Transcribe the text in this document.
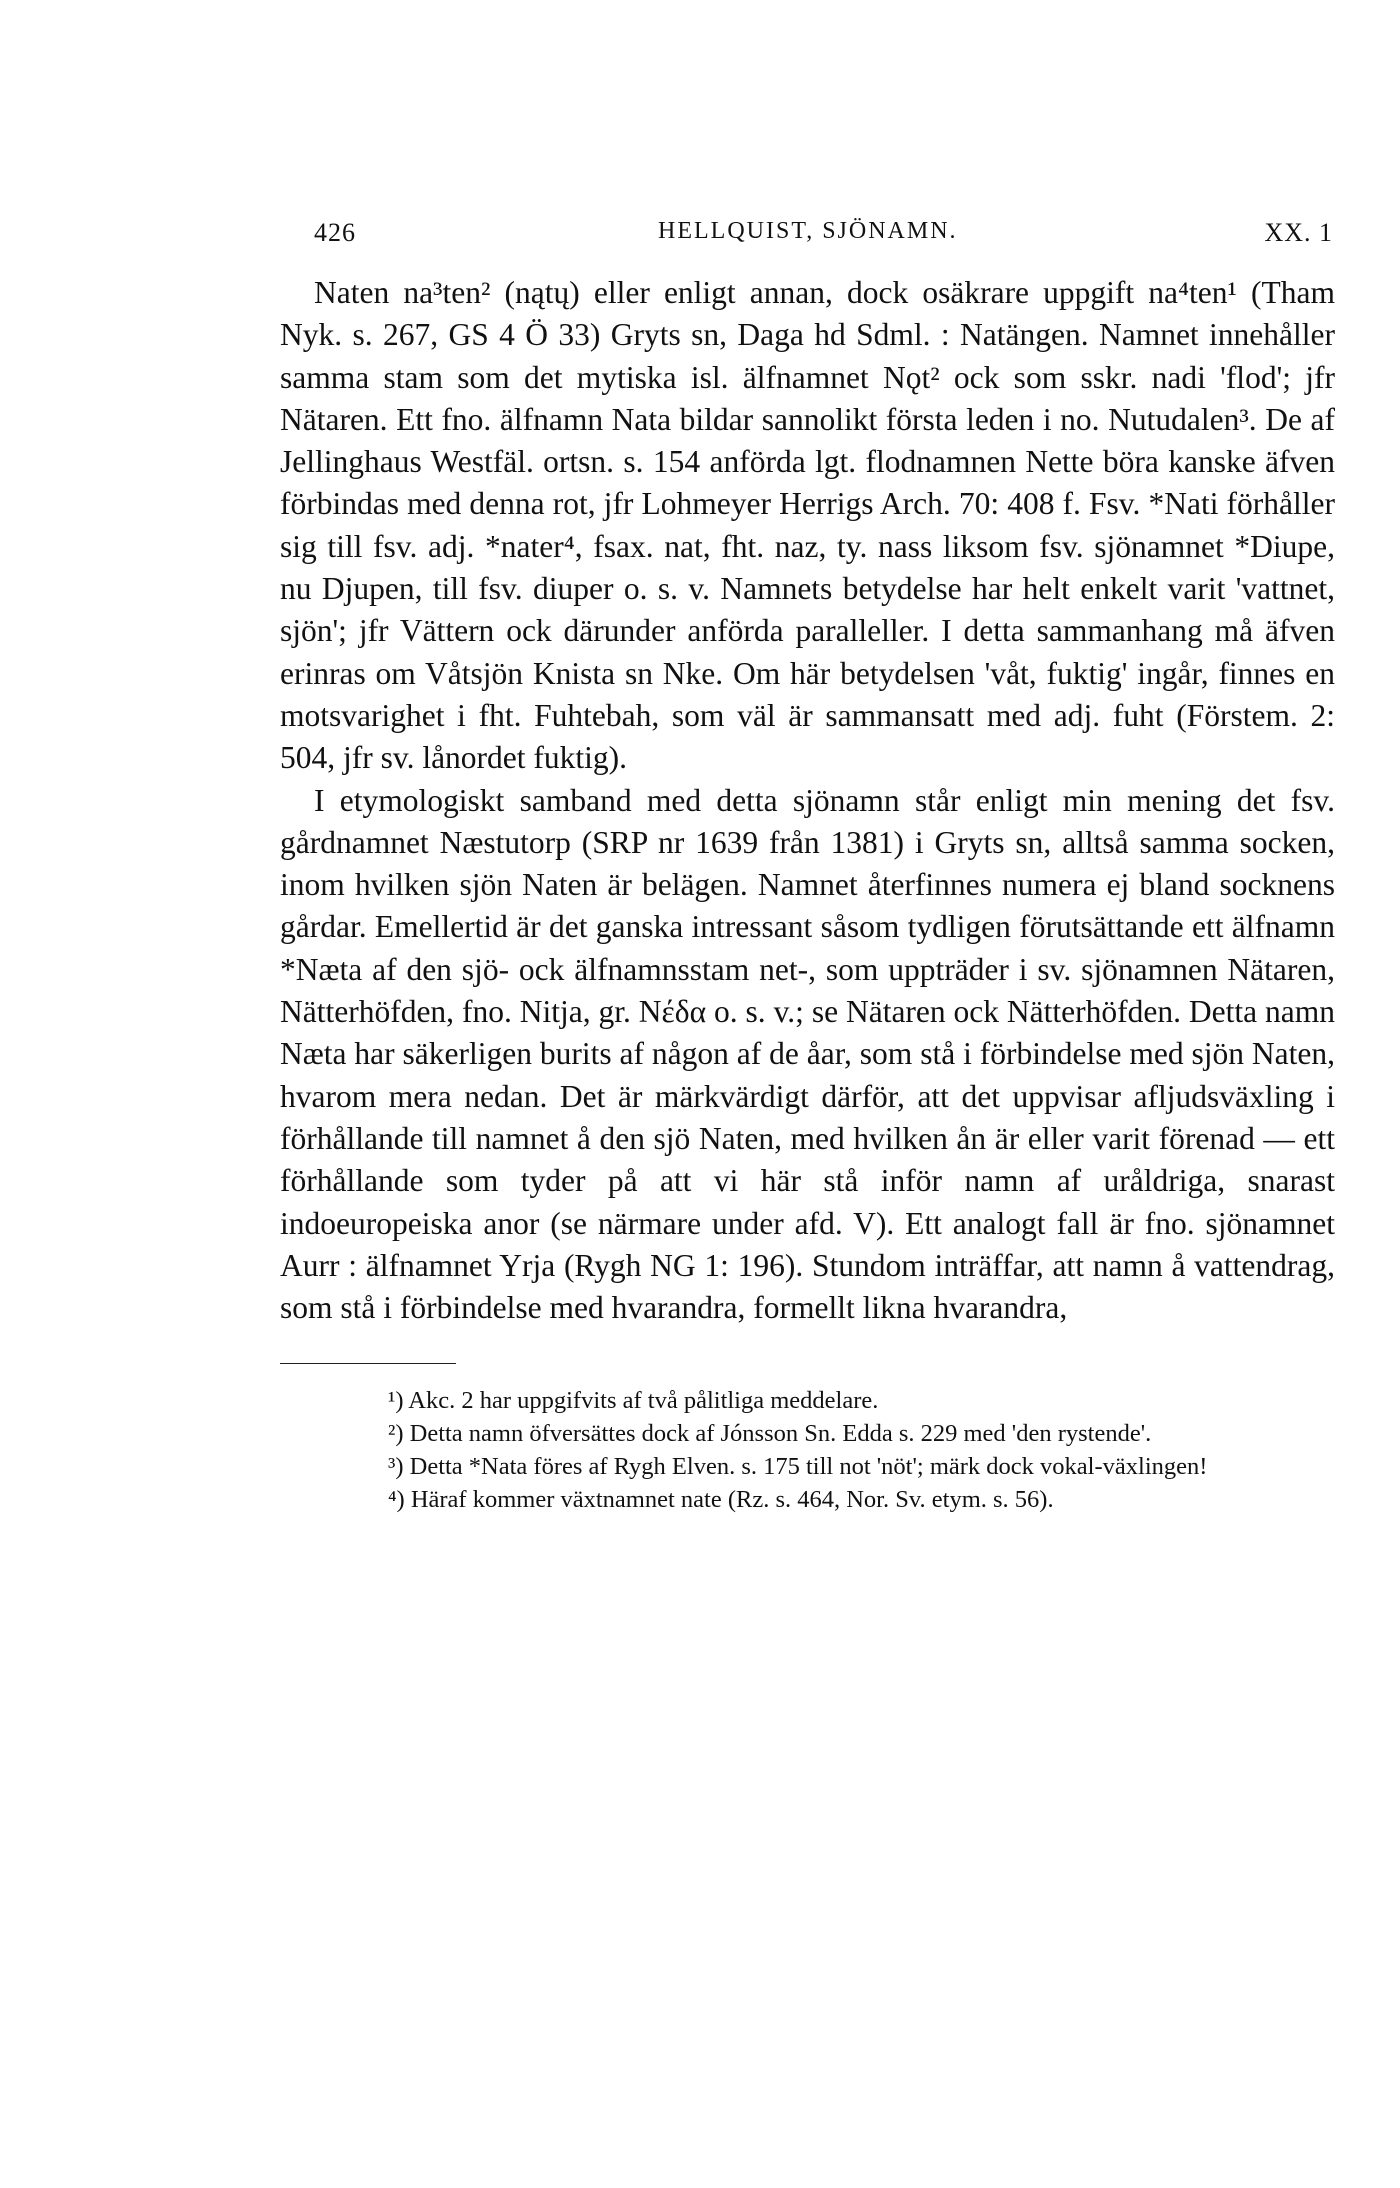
426	HELLQUIST, SJÖNAMN.	XX. 1

Naten na³ten² (nątų) eller enligt annan, dock osäkrare uppgift na⁴ten¹ (Tham Nyk. s. 267, GS 4 Ö 33) Gryts sn, Daga hd Sdml. : Natängen. Namnet innehåller samma stam som det mytiska isl. älfnamnet Nǫt² ock som sskr. nadi 'flod'; jfr Nätaren. Ett fno. älfnamn Nata bildar sannolikt första leden i no. Nutudalen³. De af Jellinghaus Westfäl. ortsn. s. 154 anförda lgt. flodnamnen Nette böra kanske äfven förbindas med denna rot, jfr Lohmeyer Herrigs Arch. 70: 408 f. Fsv. *Nati förhåller sig till fsv. adj. *nater⁴, fsax. nat, fht. naz, ty. nass liksom fsv. sjönamnet *Diupe, nu Djupen, till fsv. diuper o. s. v. Namnets betydelse har helt enkelt varit 'vattnet, sjön'; jfr Vättern ock därunder anförda paralleller. I detta sammanhang må äfven erinras om Våtsjön Knista sn Nke. Om här betydelsen 'våt, fuktig' ingår, finnes en motsvarighet i fht. Fuhtebah, som väl är sammansatt med adj. fuht (Förstem. 2: 504, jfr sv. lånordet fuktig).

I etymologiskt samband med detta sjönamn står enligt min mening det fsv. gårdnamnet Næstutorp (SRP nr 1639 från 1381) i Gryts sn, alltså samma socken, inom hvilken sjön Naten är belägen. Namnet återfinnes numera ej bland socknens gårdar. Emellertid är det ganska intressant såsom tydligen förutsättande ett älfnamn *Næta af den sjö- ock älfnamnsstam net-, som uppträder i sv. sjönamnen Nätaren, Nätterhöfden, fno. Nitja, gr. Νέδα o. s. v.; se Nätaren ock Nätterhöfden. Detta namn Næta har säkerligen burits af någon af de åar, som stå i förbindelse med sjön Naten, hvarom mera nedan. Det är märkvärdigt därför, att det uppvisar afljudsväxling i förhållande till namnet å den sjö Naten, med hvilken ån är eller varit förenad — ett förhållande som tyder på att vi här stå inför namn af uråldriga, snarast indoeuropeiska anor (se närmare under afd. V). Ett analogt fall är fno. sjönamnet Aurr : älfnamnet Yrja (Rygh NG 1: 196). Stundom inträffar, att namn å vattendrag, som stå i förbindelse med hvarandra, formellt likna hvarandra,

¹) Akc. 2 har uppgifvits af två pålitliga meddelare.

²) Detta namn öfversättes dock af Jónsson Sn. Edda s. 229 med 'den rystende'.

³) Detta *Nata föres af Rygh Elven. s. 175 till not 'nöt'; märk dock vokal-växlingen!

⁴) Häraf kommer växtnamnet nate (Rz. s. 464, Nor. Sv. etym. s. 56).
